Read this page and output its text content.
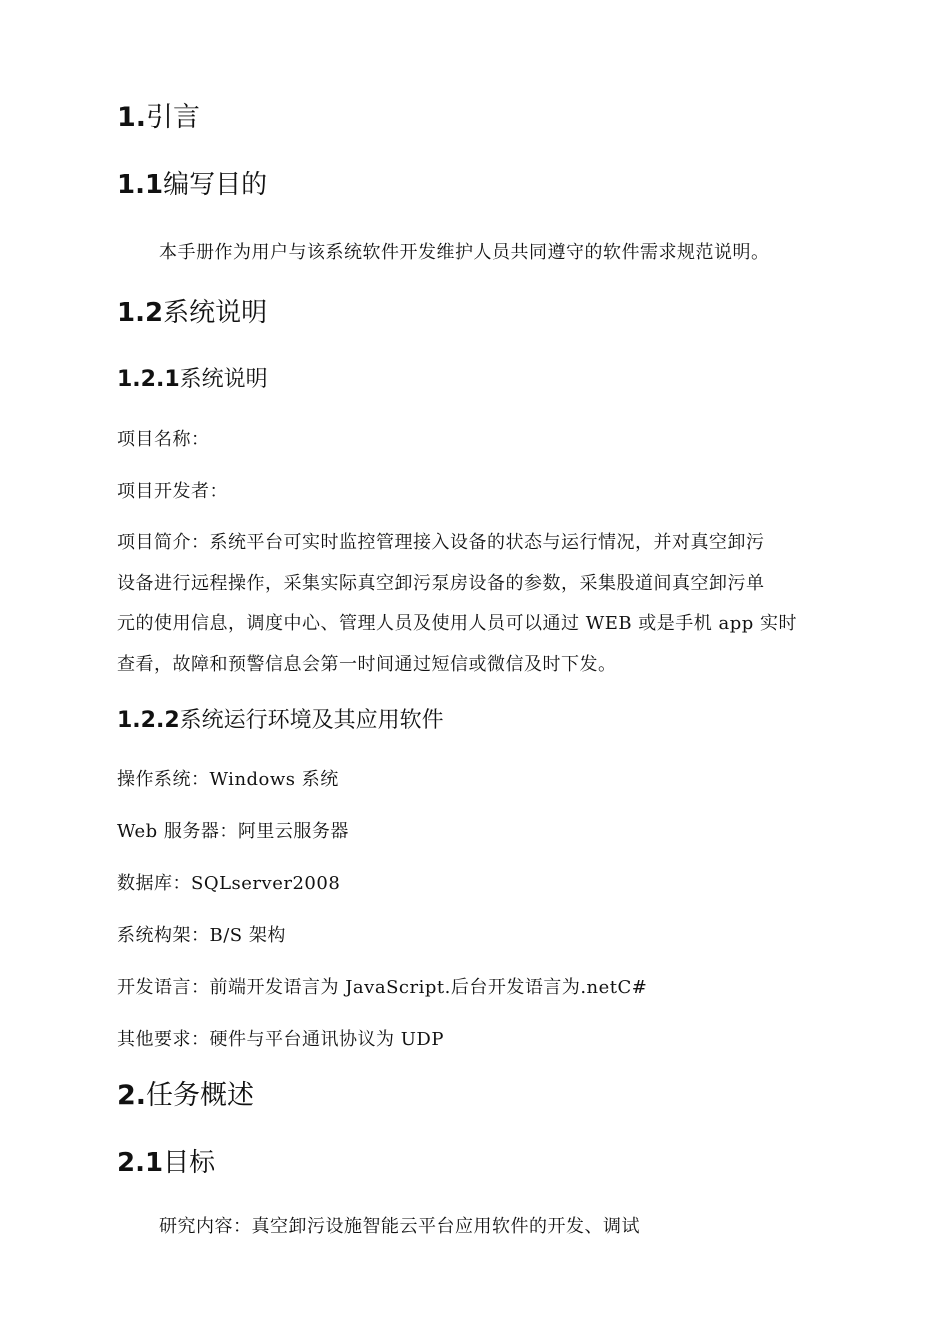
1.引言
1.1编写目的
本手册作为用户与该系统软件开发维护人员共同遵守的软件需求规范说明。
1.2系统说明
1.2.1系统说明
项目名称：
项目开发者：
项目简介：系统平台可实时监控管理接入设备的状态与运行情况，并对真空卸污
设备进行远程操作，采集实际真空卸污泵房设备的参数，采集股道间真空卸污单
元的使用信息，调度中心、管理人员及使用人员可以通过 WEB 或是手机 app 实时
查看，故障和预警信息会第一时间通过短信或微信及时下发。
1.2.2系统运行环境及其应用软件
操作系统：Windows 系统
Web 服务器：阿里云服务器
数据库：SQLserver2008
系统构架：B/S 架构
开发语言：前端开发语言为 JavaScript.后台开发语言为.netC#
其他要求：硬件与平台通讯协议为 UDP
2.任务概述
2.1目标
研究内容：真空卸污设施智能云平台应用软件的开发、调试
